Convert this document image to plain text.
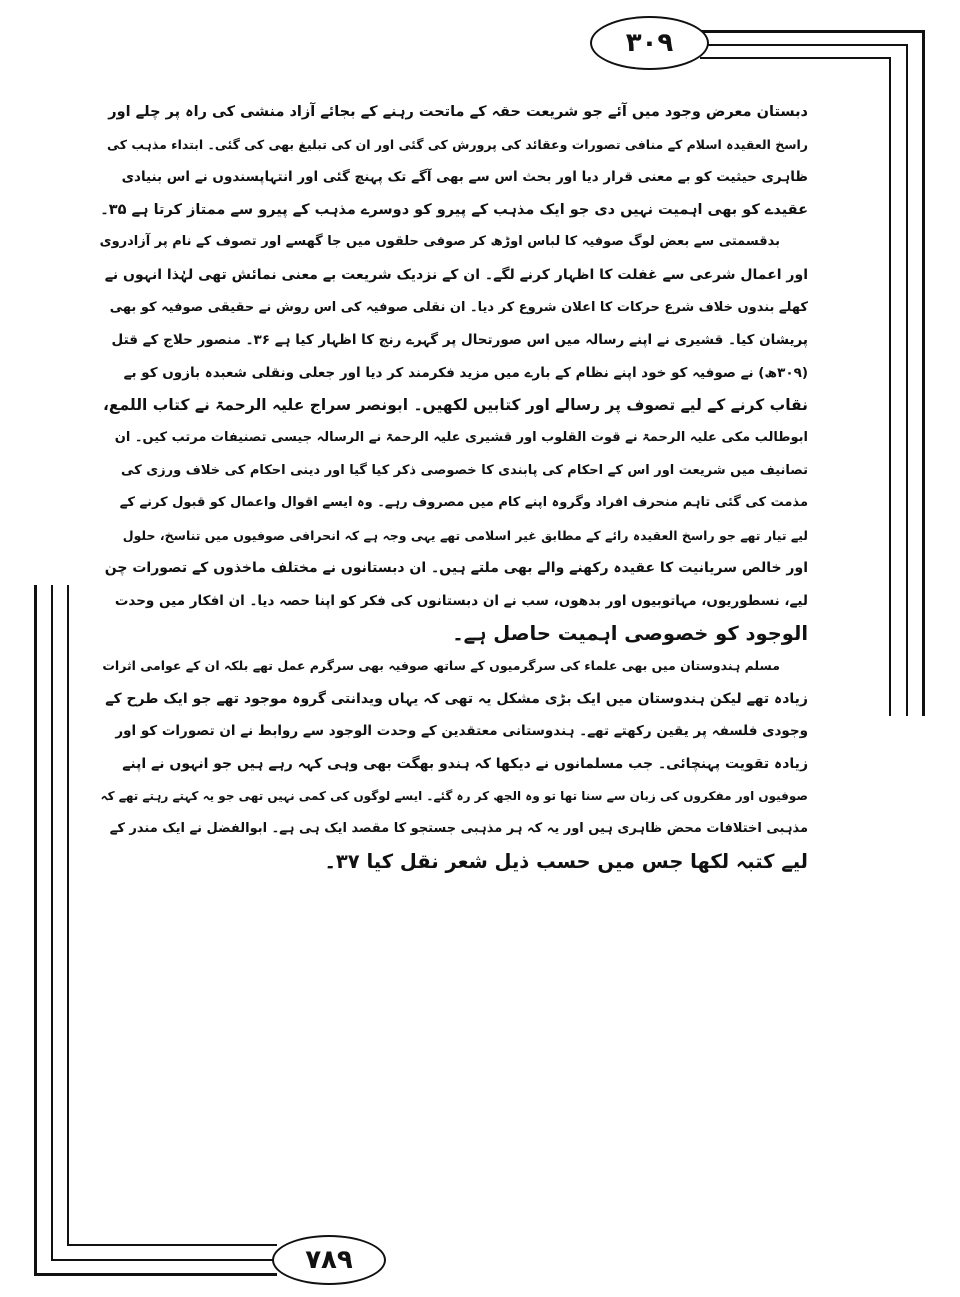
۳۰۹
۷۸۹
دبستان معرض وجود میں آئے جو شریعت حقہ کے ماتحت رہنے کے بجائے آزاد منشی کی راہ پر چلے اور
راسخ العقیدہ اسلام کے منافی تصورات وعقائد کی پرورش کی گئی اور ان کی تبلیغ بھی کی گئی۔ ابتداء مذہب کی
ظاہری حیثیت کو بے معنی قرار دیا اور بحث اس سے بھی آگے تک پہنچ گئی اور انتہاپسندوں نے اس بنیادی
عقیدے کو بھی اہمیت نہیں دی جو ایک مذہب کے پیرو کو دوسرے مذہب کے پیرو سے ممتاز کرتا ہے ۳۵۔
بدقسمتی سے بعض لوگ صوفیہ کا لباس اوڑھ کر صوفی حلقوں میں جا گھسے اور تصوف کے نام پر آزادروی
اور اعمال شرعی سے غفلت کا اظہار کرنے لگے۔ ان کے نزدیک شریعت بے معنی نمائش تھی لہٰذا انہوں نے
کھلے بندوں خلاف شرع حرکات کا اعلان شروع کر دیا۔ ان نقلی صوفیہ کی اس روش نے حقیقی صوفیہ کو بھی
پریشان کیا۔ قشیری نے اپنے رسالہ میں اس صورتحال پر گہرے رنج کا اظہار کیا ہے ۳۶۔ منصور حلاج کے قتل
(۳۰۹ھ) نے صوفیہ کو خود اپنے نظام کے بارے میں مزید فکرمند کر دیا اور جعلی ونقلی شعبدہ بازوں کو بے
نقاب کرنے کے لیے تصوف پر رسالے اور کتابیں لکھیں۔ ابونصر سراج علیہ الرحمۃ نے کتاب اللمع،
ابوطالب مکی علیہ الرحمۃ نے قوت القلوب اور قشیری علیہ الرحمۃ نے الرسالہ جیسی تصنیفات مرتب کیں۔ ان
تصانیف میں شریعت اور اس کے احکام کی پابندی کا خصوصی ذکر کیا گیا اور دینی احکام کی خلاف ورزی کی
مذمت کی گئی تاہم منحرف افراد وگروہ اپنے کام میں مصروف رہے۔ وہ ایسے اقوال واعمال کو قبول کرنے کے
لیے تیار تھے جو راسخ العقیدہ رائے کے مطابق غیر اسلامی تھے یہی وجہ ہے کہ انحرافی صوفیوں میں تناسخ، حلول
اور خالص سریانیت کا عقیدہ رکھنے والے بھی ملتے ہیں۔ ان دبستانوں نے مختلف ماخذوں کے تصورات چن
لیے، نسطوریوں، مہاتوبیوں اور بدھوں، سب نے ان دبستانوں کی فکر کو اپنا حصہ دیا۔ ان افکار میں وحدت
الوجود کو خصوصی اہمیت حاصل ہے۔
مسلم ہندوستان میں بھی علماء کی سرگرمیوں کے ساتھ صوفیہ بھی سرگرم عمل تھے بلکہ ان کے عوامی اثرات
زیادہ تھے لیکن ہندوستان میں ایک بڑی مشکل یہ تھی کہ یہاں ویدانتی گروہ موجود تھے جو ایک طرح کے
وجودی فلسفہ پر یقین رکھتے تھے۔ ہندوستانی معتقدین کے وحدت الوجود سے روابط نے ان تصورات کو اور
زیادہ تقویت پہنچائی۔ جب مسلمانوں نے دیکھا کہ ہندو بھگت بھی وہی کہہ رہے ہیں جو انہوں نے اپنے
صوفیوں اور مفکروں کی زبان سے سنا تھا تو وہ الجھ کر رہ گئے۔ ایسے لوگوں کی کمی نہیں تھی جو یہ کہتے رہتے تھے کہ
مذہبی اختلافات محض ظاہری ہیں اور یہ کہ ہر مذہبی جستجو کا مقصد ایک ہی ہے۔ ابوالفضل نے ایک مندر کے
لیے کتبہ لکھا جس میں حسب ذیل شعر نقل کیا ۳۷۔
